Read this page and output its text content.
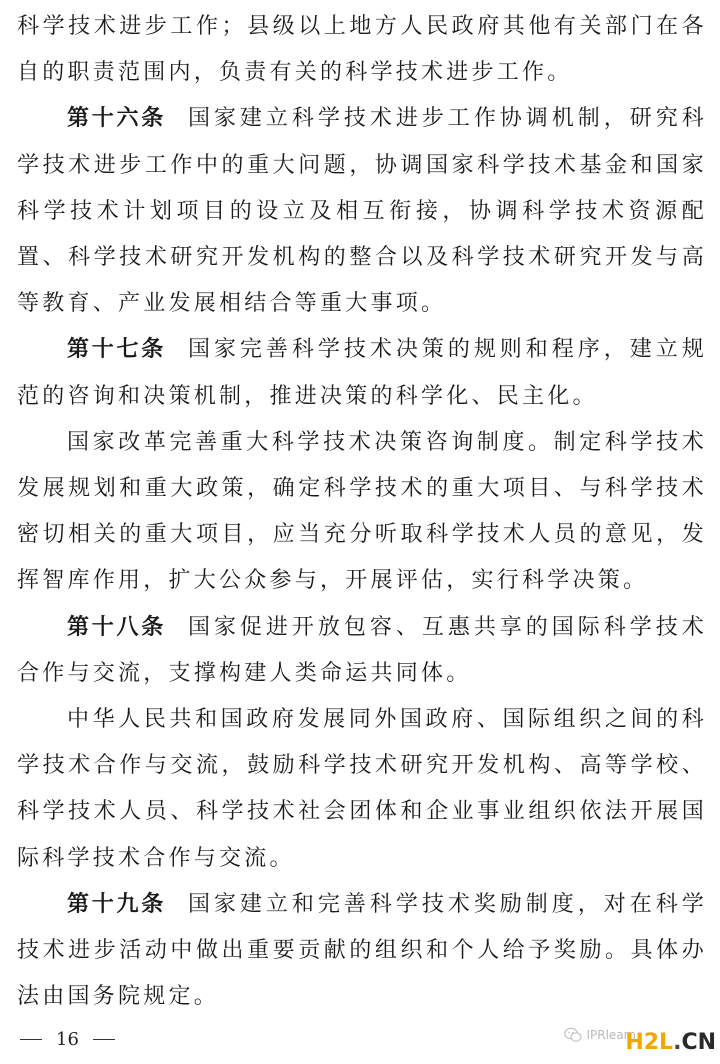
科学技术进步工作；县级以上地方人民政府其他有关部门在各自的职责范围内，负责有关的科学技术进步工作。

第十六条 国家建立科学技术进步工作协调机制，研究科学技术进步工作中的重大问题，协调国家科学技术基金和国家科学技术计划项目的设立及相互衔接，协调科学技术资源配置、科学技术研究开发机构的整合以及科学技术研究开发与高等教育、产业发展相结合等重大事项。

第十七条 国家完善科学技术决策的规则和程序，建立规范的咨询和决策机制，推进决策的科学化、民主化。

国家改革完善重大科学技术决策咨询制度。制定科学技术发展规划和重大政策，确定科学技术的重大项目、与科学技术密切相关的重大项目，应当充分听取科学技术人员的意见，发挥智库作用，扩大公众参与，开展评估，实行科学决策。

第十八条 国家促进开放包容、互惠共享的国际科学技术合作与交流，支撑构建人类命运共同体。

中华人民共和国政府发展同外国政府、国际组织之间的科学技术合作与交流，鼓励科学技术研究开发机构、高等学校、科学技术人员、科学技术社会团体和企业事业组织依法开展国际科学技术合作与交流。

第十九条 国家建立和完善科学技术奖励制度，对在科学技术进步活动中做出重要贡献的组织和个人给予奖励。具体办法由国务院规定。

16	IPRlearn
H2L.CN
